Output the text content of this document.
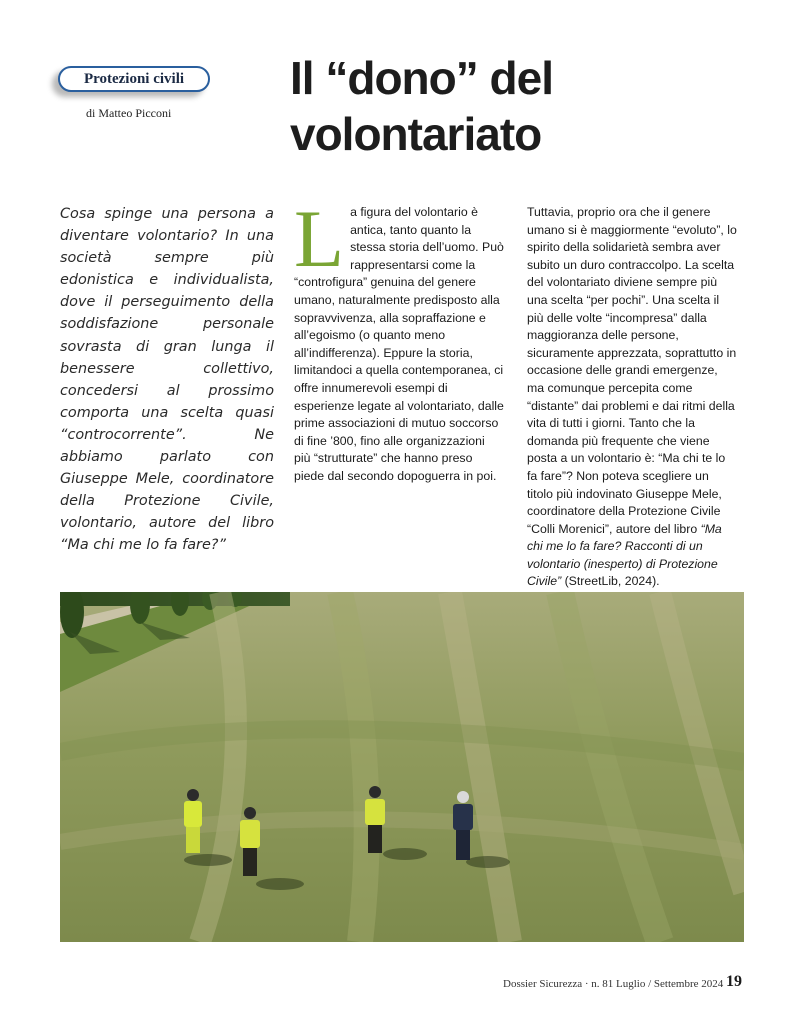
Protezioni civili
di Matteo Picconi
Il “dono” del
volontariato

Cosa spinge una persona a diventare volontario? In una società sempre più edonistica e individualista, dove il perseguimento della soddisfazione personale sovrasta di gran lunga il benessere collettivo, concedersi al prossimo comporta una scelta quasi “controcorrente”. Ne abbiamo parlato con Giuseppe Mele, coordinatore della Protezione Civile, volontario, autore del libro “Ma chi me lo fa fare?”

L a figura del volontario è antica, tanto quanto la stessa storia dell’uomo. Può rappresentarsi come la “controfigura” genuina del genere umano, naturalmente predisposto alla sopravvivenza, alla sopraffazione e all’egoismo (o quanto meno all’indifferenza). Eppure la storia, limitandoci a quella contemporanea, ci offre innumerevoli esempi di esperienze legate al volontariato, dalle prime associazioni di mutuo soccorso di fine ’800, fino alle organizzazioni più “strutturate” che hanno preso piede dal secondo dopoguerra in poi.

Tuttavia, proprio ora che il genere umano si è maggiormente “evoluto”, lo spirito della solidarietà sembra aver subito un duro contraccolpo. La scelta del volontariato diviene sempre più una scelta “per pochi”. Una scelta il più delle volte “incompresa” dalla maggioranza delle persone, sicuramente apprezzata, soprattutto in occasione delle grandi emergenze, ma comunque percepita come “distante” dai problemi e dai ritmi della vita di tutti i giorni. Tanto che la domanda più frequente che viene posta a un volontario è: “Ma chi te lo fa fare”? Non poteva scegliere un titolo più indovinato Giuseppe Mele, coordinatore della Protezione Civile “Colli Morenici”, autore del libro “Ma chi me lo fa fare? Racconti di un volontario (inesperto) di Protezione Civile” (StreetLib, 2024).

Dossier Sicurezza · n. 81 Luglio / Settembre 2024 19
